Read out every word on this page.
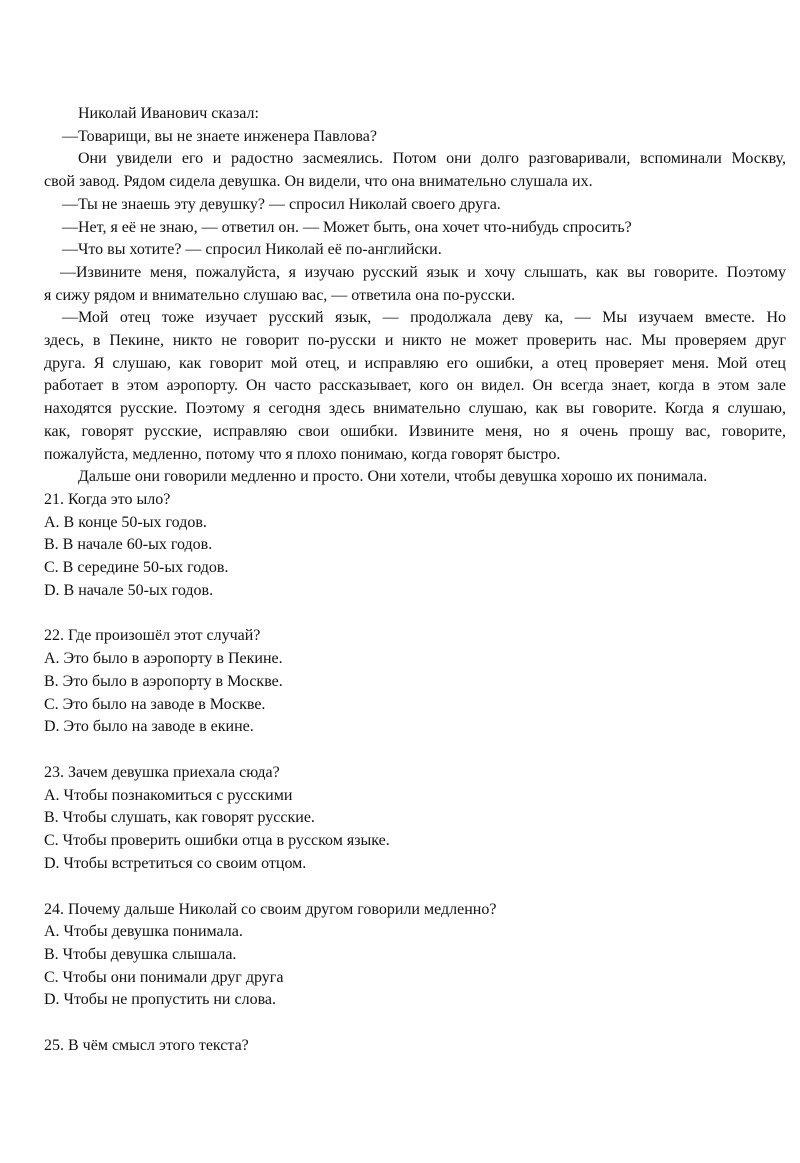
Николай Иванович сказал:

—Товарищи, вы не знаете инженера Павлова?

Они увидели его и радостно засмеялись. Потом они долго разговаривали, вспоминали Москву,
свой завод. Рядом сидела девушка. Он видели, что она внимательно слушала их.

—Ты не знаешь эту девушку? — спросил Николай своего друга.

—Нет, я её не знаю, — ответил он. — Может быть, она хочет что-нибудь спросить?

—Что вы хотите? — спросил Николай её по-английски.

—Извините меня, пожалуйста, я изучаю русский язык и хочу слышать, как вы говорите. Поэтому
я сижу рядом и внимательно слушаю вас, — ответила она по-русски.

—Мой отец тоже изучает русский язык, — продолжала деву ка, — Мы изучаем вместе. Но
здесь, в Пекине, никто не говорит по-русски и никто не может проверить нас. Мы проверяем друг
друга. Я слушаю, как говорит мой отец, и исправляю его ошибки, а отец проверяет меня. Мой отец
работает в этом аэропорту. Он часто рассказывает, кого он видел. Он всегда знает, когда в этом зале
находятся русские. Поэтому я сегодня здесь внимательно слушаю, как вы говорите. Когда я слушаю,
как, говорят русские, исправляю свои ошибки. Извините меня, но я очень прошу вас, говорите,
пожалуйста, медленно, потому что я плохо понимаю, когда говорят быстро.

Дальше они говорили медленно и просто. Они хотели, чтобы девушка хорошо их понимала.

21. Когда это ыло?
A. В конце 50-ых годов.
B. В начале 60-ых годов.
C. В середине 50-ых годов.
D. В начале 50-ых годов.
22. Где произошёл этот случай?
A. Это было в аэропорту в Пекине.
B. Это было в аэропорту в Москве.
C. Это было на заводе в Москве.
D. Это было на заводе в екине.
23. Зачем девушка приехала сюда?
A. Чтобы познакомиться с русскими
B. Чтобы слушать, как говорят русские.
C. Чтобы проверить ошибки отца в русском языке.
D. Чтобы встретиться со своим отцом.
24. Почему дальше Николай со своим другом говорили медленно?
A. Чтобы девушка понимала.
B. Чтобы девушка слышала.
C. Чтобы они понимали друг друга
D. Чтобы не пропустить ни слова.
25. В чём смысл этого текста?
